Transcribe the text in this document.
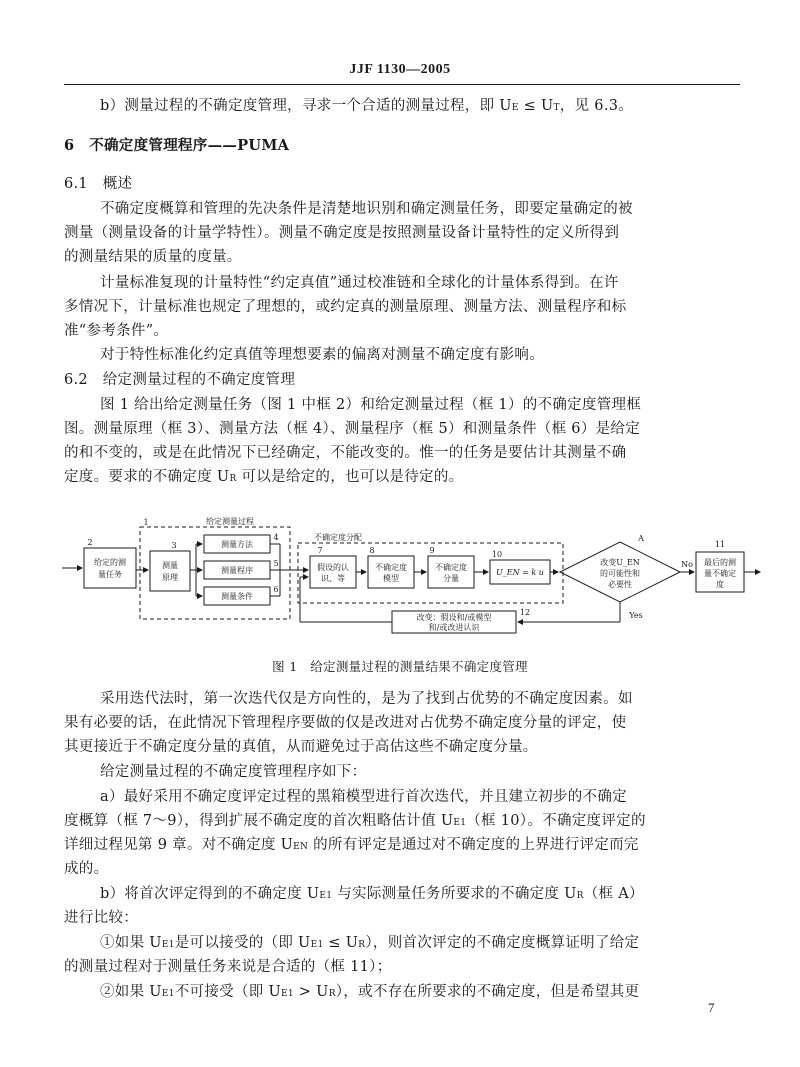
JJF 1130—2005
b）测量过程的不确定度管理，寻求一个合适的测量过程，即 UE ≤ UT，见 6.3。
6　不确定度管理程序——PUMA
6.1　概述
不确定度概算和管理的先决条件是清楚地识别和确定测量任务，即要定量确定的被
测量（测量设备的计量学特性）。测量不确定度是按照测量设备计量特性的定义所得到
的测量结果的质量的度量。
计量标准复现的计量特性“约定真值”通过校准链和全球化的计量体系得到。在许
多情况下，计量标准也规定了理想的，或约定真的测量原理、测量方法、测量程序和标
准“参考条件”。
对于特性标准化约定真值等理想要素的偏离对测量不确定度有影响。
6.2　给定测量过程的不确定度管理
图 1 给出给定测量任务（图 1 中框 2）和给定测量过程（框 1）的不确定度管理框
图。测量原理（框 3）、测量方法（框 4）、测量程序（框 5）和测量条件（框 6）是给定
的和不变的，或是在此情况下已经确定，不能改变的。惟一的任务是要估计其测量不确
定度。要求的不确定度 UR 可以是给定的，也可以是待定的。
给定测量过程
不确定度分配
给定的测
量任务
测量
原理
测量方法
测量程序
测量条件
假设的认
识、等
不确定度
模型
不确定度
分量
U_EN = k u
改变U_EN
的可能性和
必要性
最后的测
量不确定
度
改变：假设和/或模型
和/或改进认识
No
Yes
1
2	3
4
5
6
7	8	9	10
11
12
A
图 1　给定测量过程的测量结果不确定度管理
采用迭代法时，第一次迭代仅是方向性的，是为了找到占优势的不确定度因素。如
果有必要的话，在此情况下管理程序要做的仅是改进对占优势不确定度分量的评定，使
其更接近于不确定度分量的真值，从而避免过于高估这些不确定度分量。
给定测量过程的不确定度管理程序如下：
a）最好采用不确定度评定过程的黑箱模型进行首次迭代，并且建立初步的不确定
度概算（框 7～9），得到扩展不确定度的首次粗略估计值 UE1（框 10）。不确定度评定的
详细过程见第 9 章。对不确定度 UEN 的所有评定是通过对不确定度的上界进行评定而完
成的。
b）将首次评定得到的不确定度 UE1 与实际测量任务所要求的不确定度 UR（框 A）
进行比较：
①如果 UE1是可以接受的（即 UE1 ≤ UR），则首次评定的不确定度概算证明了给定
的测量过程对于测量任务来说是合适的（框 11）；
②如果 UE1不可接受（即 UE1 > UR），或不存在所要求的不确定度，但是希望其更
7
